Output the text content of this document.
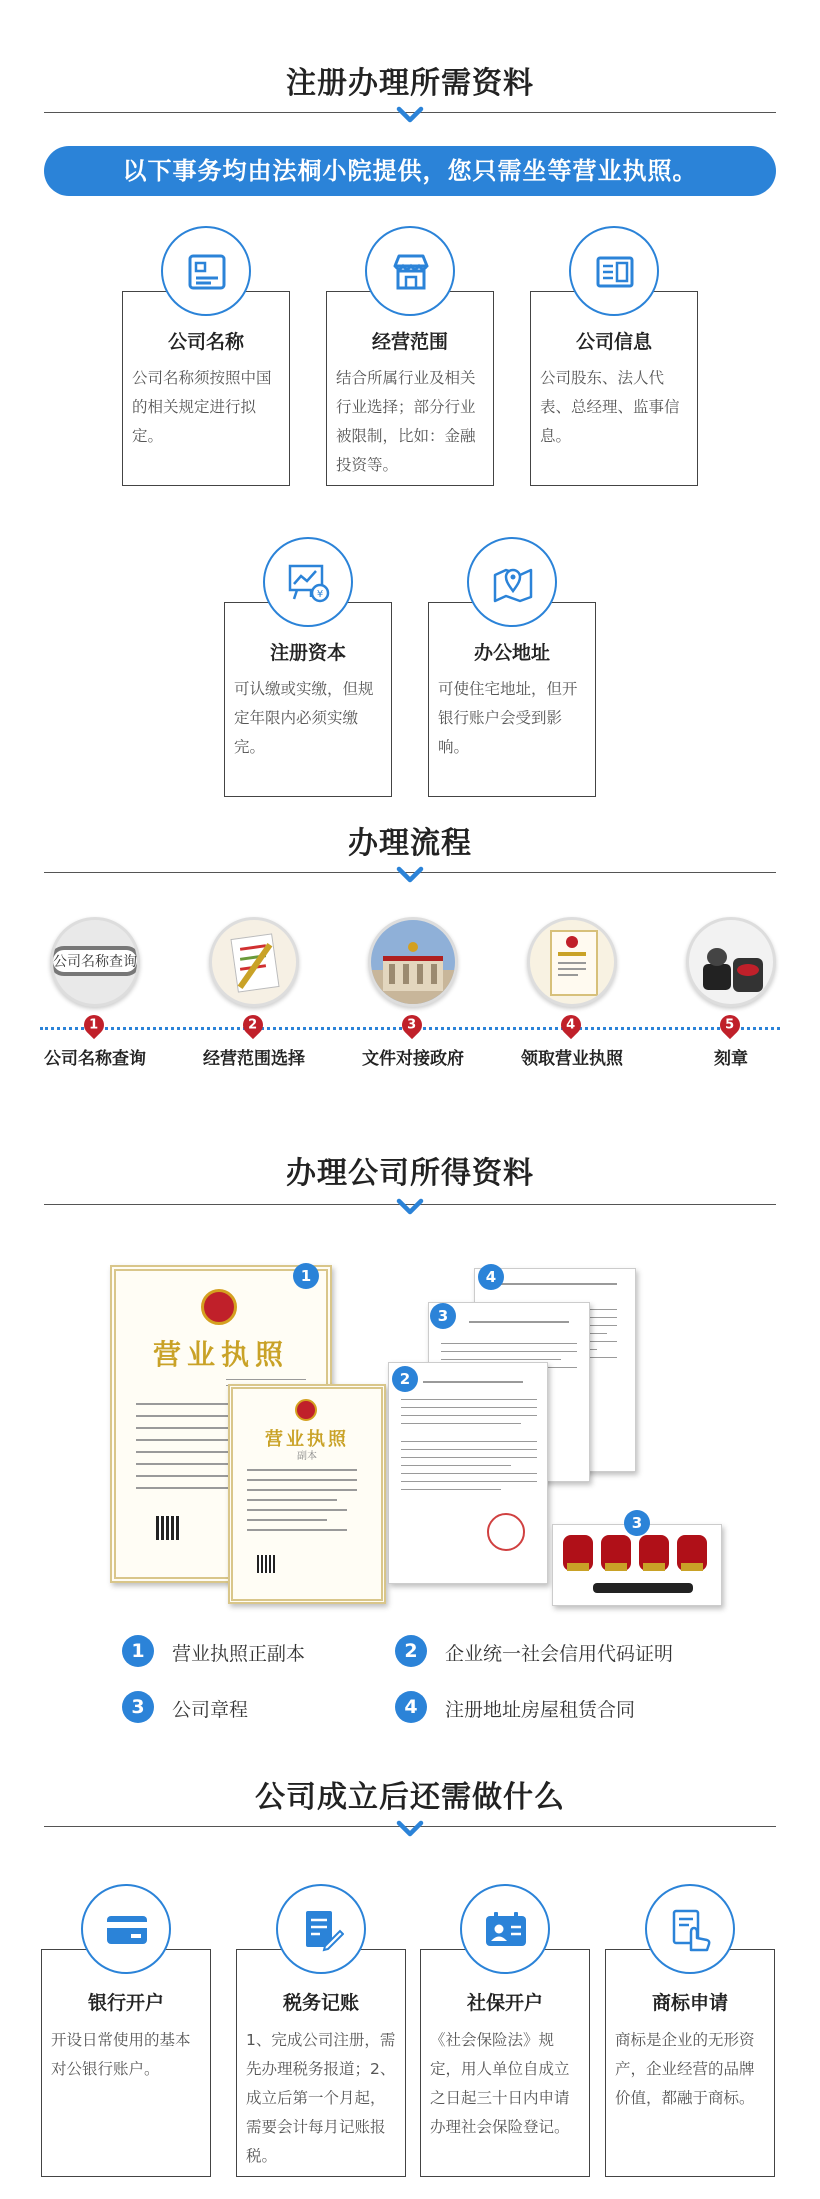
注册办理所需资料
以下事务均由法桐小院提供，您只需坐等营业执照。
公司名称
公司名称须按照中国的相关规定进行拟定。
经营范围
结合所属行业及相关行业选择；部分行业被限制，比如：金融投资等。
公司信息
公司股东、法人代表、总经理、监事信息。
注册资本
可认缴或实缴，但规定年限内必须实缴完。
¥
办公地址
可使住宅地址，但开银行账户会受到影响。
办理流程
公司名称查询
1
公司名称查询
2
经营范围选择
3
文件对接政府
4
领取营业执照
5
刻章
办理公司所得资料
营业执照
1
营业执照
副本
4
3
2
3
1	营业执照正副本	2	企业统一社会信用代码证明
3	公司章程	4	注册地址房屋租赁合同
公司成立后还需做什么
银行开户
开设日常使用的基本对公银行账户。
税务记账
1、完成公司注册，需先办理税务报道；2、成立后第一个月起，需要会计每月记账报税。
社保开户
《社会保险法》规定，用人单位自成立之日起三十日内申请办理社会保险登记。
商标申请
商标是企业的无形资产，企业经营的品牌价值，都融于商标。
